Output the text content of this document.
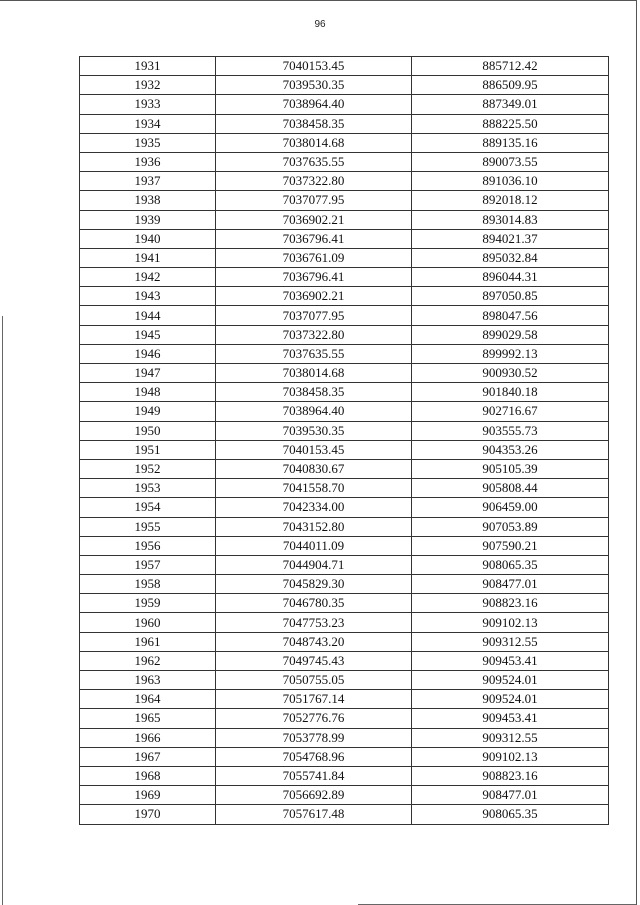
96
1931	7040153.45	885712.42
1932	7039530.35	886509.95
1933	7038964.40	887349.01
1934	7038458.35	888225.50
1935	7038014.68	889135.16
1936	7037635.55	890073.55
1937	7037322.80	891036.10
1938	7037077.95	892018.12
1939	7036902.21	893014.83
1940	7036796.41	894021.37
1941	7036761.09	895032.84
1942	7036796.41	896044.31
1943	7036902.21	897050.85
1944	7037077.95	898047.56
1945	7037322.80	899029.58
1946	7037635.55	899992.13
1947	7038014.68	900930.52
1948	7038458.35	901840.18
1949	7038964.40	902716.67
1950	7039530.35	903555.73
1951	7040153.45	904353.26
1952	7040830.67	905105.39
1953	7041558.70	905808.44
1954	7042334.00	906459.00
1955	7043152.80	907053.89
1956	7044011.09	907590.21
1957	7044904.71	908065.35
1958	7045829.30	908477.01
1959	7046780.35	908823.16
1960	7047753.23	909102.13
1961	7048743.20	909312.55
1962	7049745.43	909453.41
1963	7050755.05	909524.01
1964	7051767.14	909524.01
1965	7052776.76	909453.41
1966	7053778.99	909312.55
1967	7054768.96	909102.13
1968	7055741.84	908823.16
1969	7056692.89	908477.01
1970	7057617.48	908065.35
